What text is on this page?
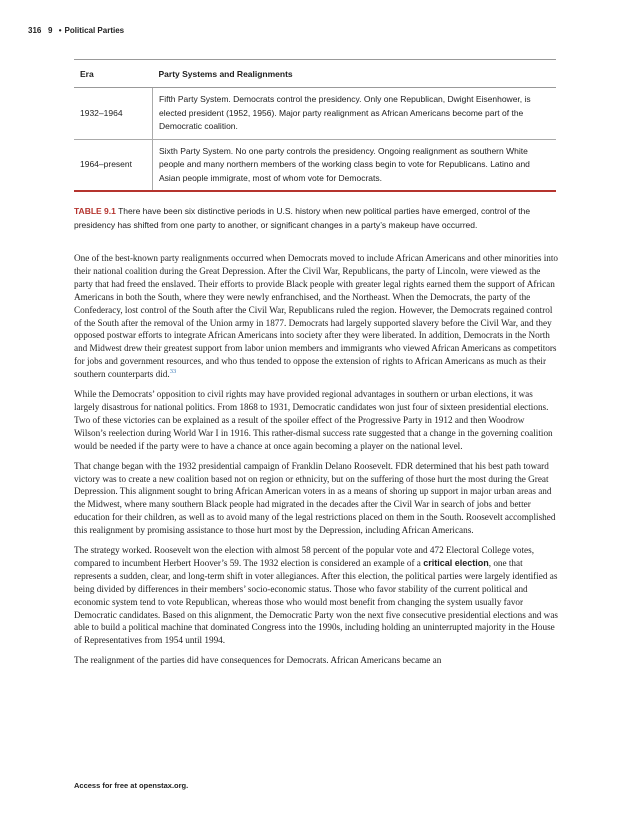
316 9 • Political Parties
Era	Party Systems and Realignments
1932–1964	Fifth Party System. Democrats control the presidency. Only one Republican, Dwight Eisenhower, is elected president (1952, 1956). Major party realignment as African Americans become part of the Democratic coalition.
1964–present	Sixth Party System. No one party controls the presidency. Ongoing realignment as southern White people and many northern members of the working class begin to vote for Republicans. Latino and Asian people immigrate, most of whom vote for Democrats.
TABLE 9.1 There have been six distinctive periods in U.S. history when new political parties have emerged, control of the presidency has shifted from one party to another, or significant changes in a party’s makeup have occurred.

One of the best-known party realignments occurred when Democrats moved to include African Americans and other minorities into their national coalition during the Great Depression. After the Civil War, Republicans, the party of Lincoln, were viewed as the party that had freed the enslaved. Their efforts to provide Black people with greater legal rights earned them the support of African Americans in both the South, where they were newly enfranchised, and the Northeast. When the Democrats, the party of the Confederacy, lost control of the South after the Civil War, Republicans ruled the region. However, the Democrats regained control of the South after the removal of the Union army in 1877. Democrats had largely supported slavery before the Civil War, and they opposed postwar efforts to integrate African Americans into society after they were liberated. In addition, Democrats in the North and Midwest drew their greatest support from labor union members and immigrants who viewed African Americans as competitors for jobs and government resources, and who thus tended to oppose the extension of rights to African Americans as much as their southern counterparts did.$^{33}$

While the Democrats’ opposition to civil rights may have provided regional advantages in southern or urban elections, it was largely disastrous for national politics. From 1868 to 1931, Democratic candidates won just four of sixteen presidential elections. Two of these victories can be explained as a result of the spoiler effect of the Progressive Party in 1912 and then Woodrow Wilson’s reelection during World War I in 1916. This rather-dismal success rate suggested that a change in the governing coalition would be needed if the party were to have a chance at once again becoming a player on the national level.

That change began with the 1932 presidential campaign of Franklin Delano Roosevelt. FDR determined that his best path toward victory was to create a new coalition based not on region or ethnicity, but on the suffering of those hurt the most during the Great Depression. This alignment sought to bring African American voters in as a means of shoring up support in major urban areas and the Midwest, where many southern Black people had migrated in the decades after the Civil War in search of jobs and better education for their children, as well as to avoid many of the legal restrictions placed on them in the South. Roosevelt accomplished this realignment by promising assistance to those hurt most by the Depression, including African Americans.

The strategy worked. Roosevelt won the election with almost 58 percent of the popular vote and 472 Electoral College votes, compared to incumbent Herbert Hoover’s 59. The 1932 election is considered an example of a critical election, one that represents a sudden, clear, and long-term shift in voter allegiances. After this election, the political parties were largely identified as being divided by differences in their members’ socio-economic status. Those who favor stability of the current political and economic system tend to vote Republican, whereas those who would most benefit from changing the system usually favor Democratic candidates. Based on this alignment, the Democratic Party won the next five consecutive presidential elections and was able to build a political machine that dominated Congress into the 1990s, including holding an uninterrupted majority in the House of Representatives from 1954 until 1994.

The realignment of the parties did have consequences for Democrats. African Americans became an

Access for free at openstax.org.
